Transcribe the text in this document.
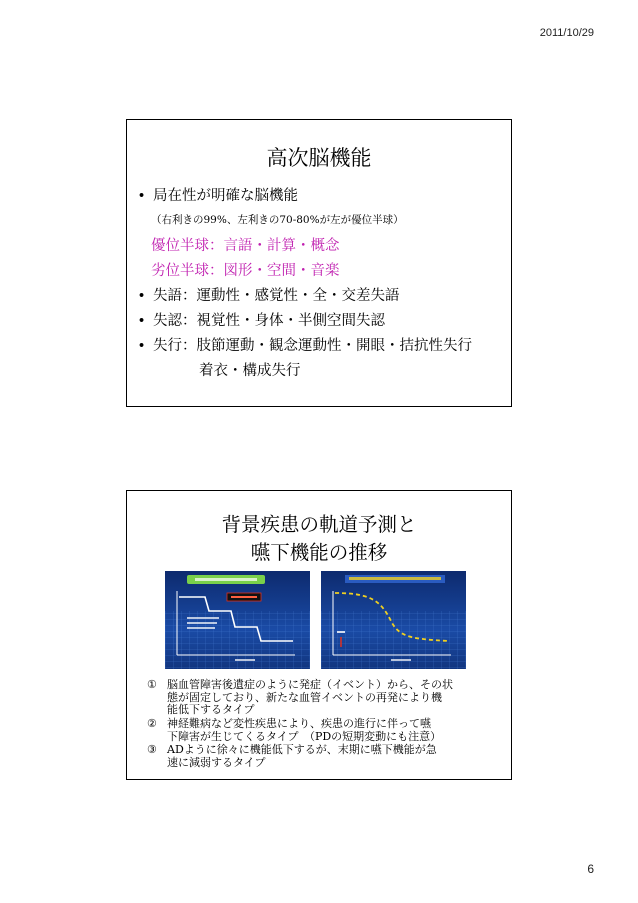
2011/10/29
高次脳機能
• 局在性が明確な脳機能
（右利きの99%、左利きの70-80%が左が優位半球）
優位半球：言語・計算・概念
劣位半球：図形・空間・音楽
• 失語：運動性・感覚性・全・交差失語
• 失認：視覚性・身体・半側空間失認
• 失行：肢節運動・観念運動性・開眼・拮抗性失行
着衣・構成失行
背景疾患の軌道予測と
嚥下機能の推移
① 脳血管障害後遺症のように発症（イベント）から、その状
態が固定しており、新たな血管イベントの再発により機
能低下するタイプ
② 神経難病など変性疾患により、疾患の進行に伴って嚥
下障害が生じてくるタイプ　（PDの短期変動にも注意）
③ ADように徐々に機能低下するが、末期に嚥下機能が急
速に減弱するタイプ
6
